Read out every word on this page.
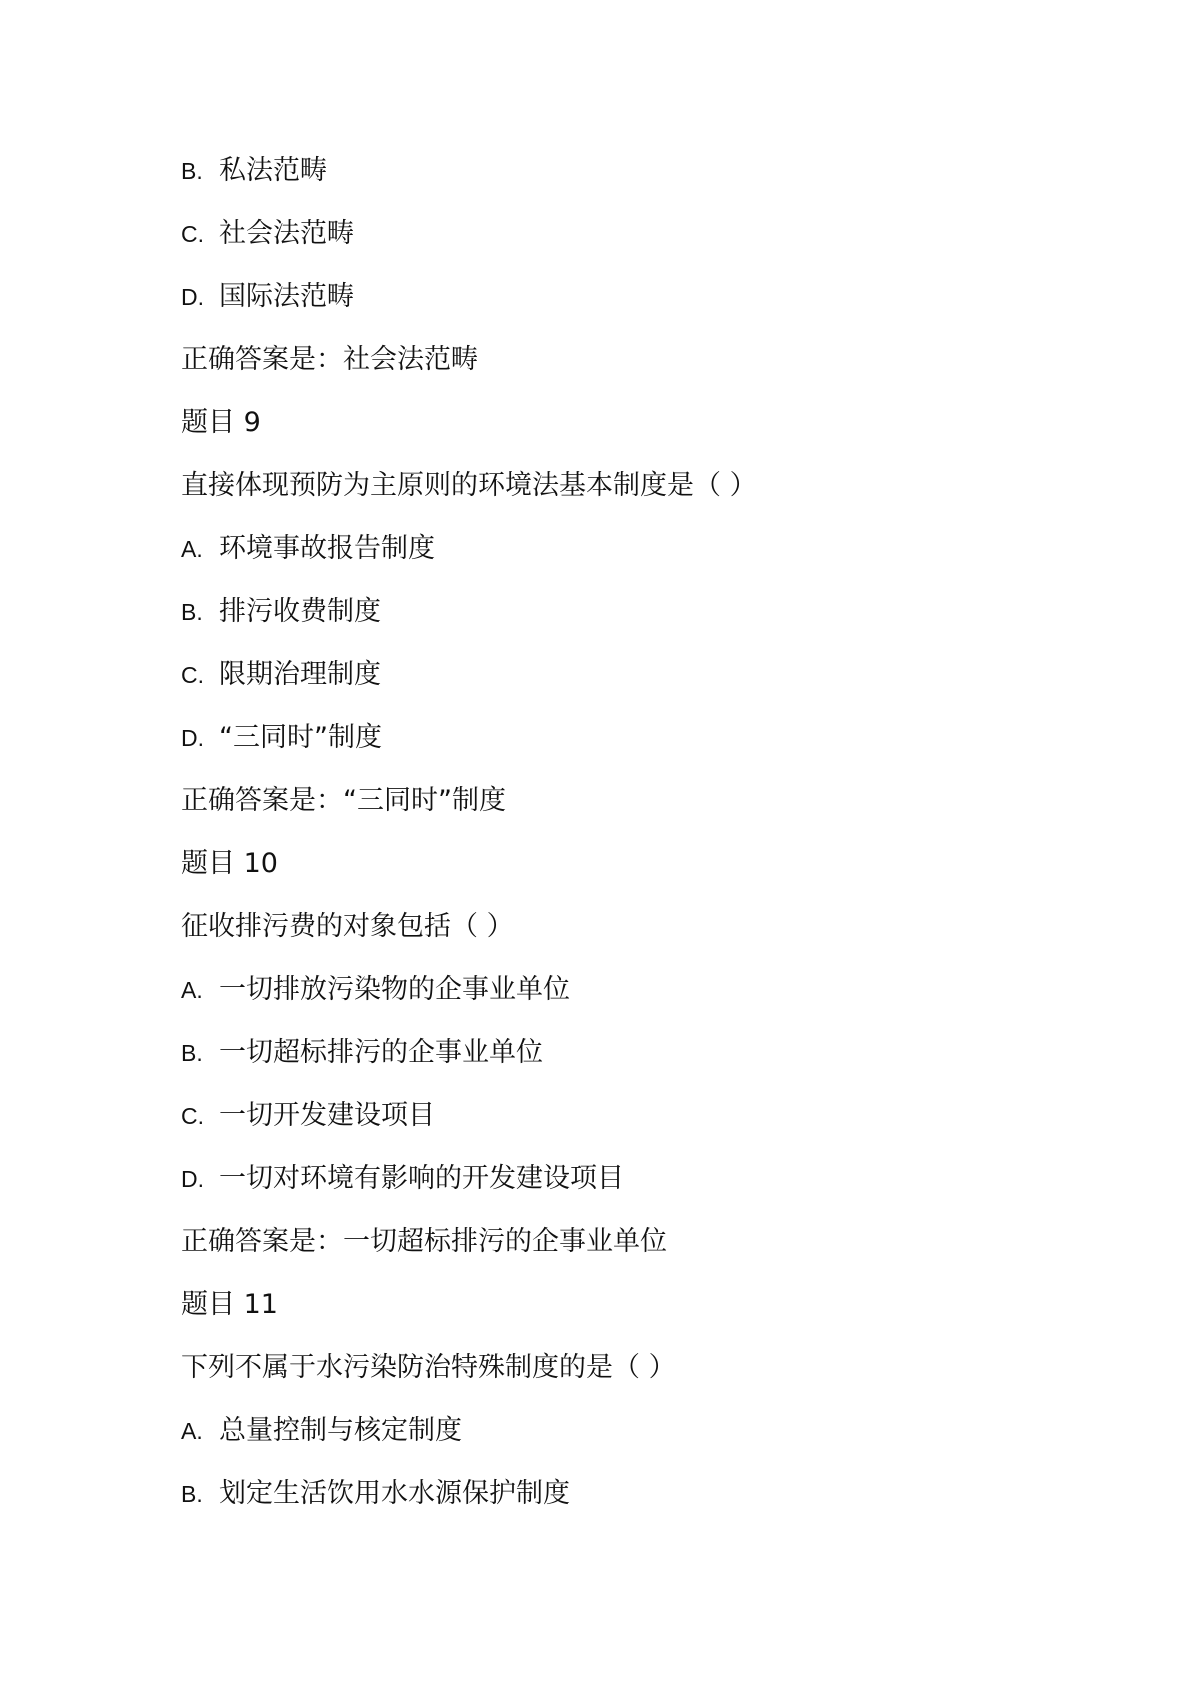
B. 私法范畴
C. 社会法范畴
D. 国际法范畴
正确答案是：社会法范畴
题目 9
直接体现预防为主原则的环境法基本制度是（ ）
A. 环境事故报告制度
B. 排污收费制度
C. 限期治理制度
D. “三同时”制度
正确答案是：“三同时”制度
题目 10
征收排污费的对象包括（ ）
A. 一切排放污染物的企事业单位
B. 一切超标排污的企事业单位
C. 一切开发建设项目
D. 一切对环境有影响的开发建设项目
正确答案是：一切超标排污的企事业单位
题目 11
下列不属于水污染防治特殊制度的是（ ）
A. 总量控制与核定制度
B. 划定生活饮用水水源保护制度
